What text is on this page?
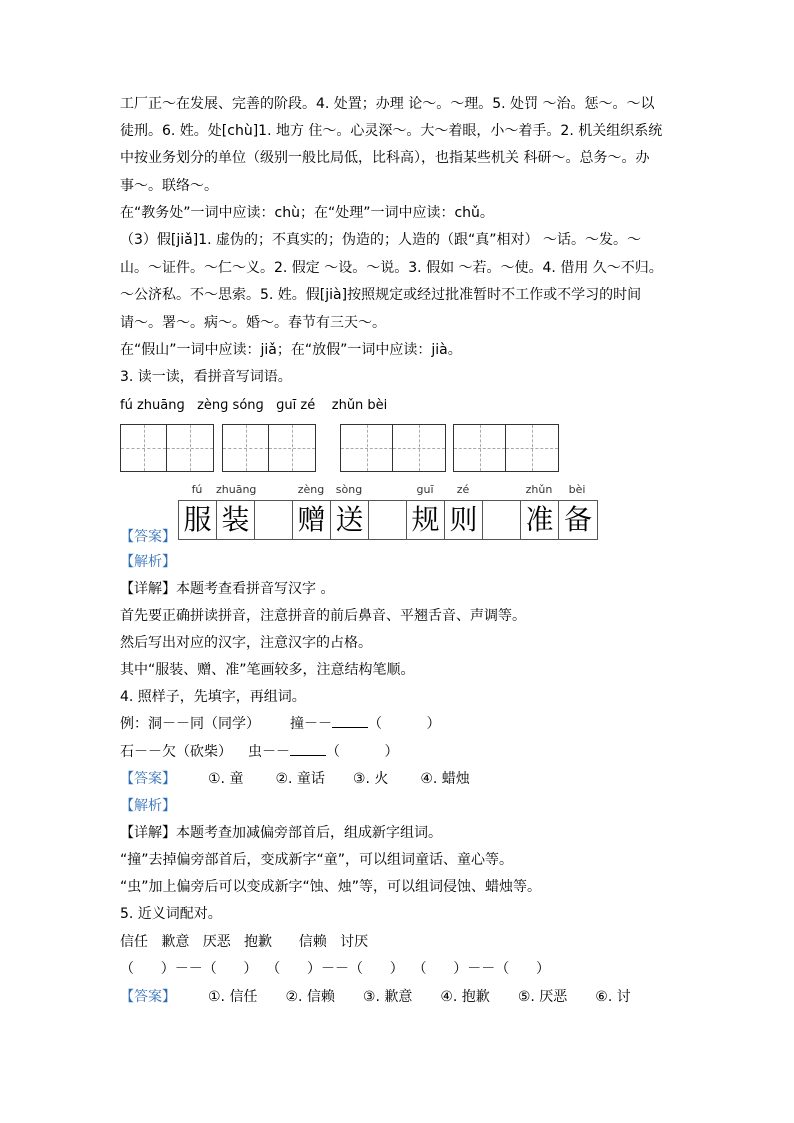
工厂正～在发展、完善的阶段。4. 处置；办理 论～。～理。5. 处罚 ～治。惩～。～以
徒刑。6. 姓。处[chù]1. 地方 住～。心灵深～。大～着眼，小～着手。2. 机关组织系统
中按业务划分的单位（级别一般比局低，比科高），也指某些机关 科研～。总务～。办
事～。联络～。
在“教务处”一词中应读：chù；在“处理”一词中应读：chǔ。
（3）假[jiǎ]1. 虚伪的；不真实的；伪造的；人造的（跟“真”相对） ～话。～发。～
山。～证件。～仁～义。2. 假定 ～设。～说。3. 假如 ～若。～使。4. 借用 久～不归。
～公济私。不～思索。5. 姓。假[jià]按照规定或经过批准暂时不工作或不学习的时间
请～。署～。病～。婚～。春节有三天～。
在“假山”一词中应读：jiǎ；在“放假”一词中应读：jià。
3. 读一读，看拼音写词语。
fú zhuānɡ   zènɡ sónɡ   ɡuī zé    zhǔn bèi
fú	zhuāng	zèng	sòng	guī	zé	zhǔn	bèi
服 装 赠 送 规 则 准 备
【答案】
【解析】
【详解】本题考查看拼音写汉字 。
首先要正确拼读拼音，注意拼音的前后鼻音、平翘舌音、声调等。
然后写出对应的汉字，注意汉字的占格。
其中“服装、赠、准”笔画较多，注意结构笔顺。
4. 照样子，先填字，再组词。
例：洞－－同（同学） 撞－－	（          ）
石－－欠（砍柴） 虫－－	（          ）
【答案】 ①. 童 ②. 童话 ③. 火 ④. 蜡烛
【解析】
【详解】本题考查加减偏旁部首后，组成新字组词。
“撞”去掉偏旁部首后，变成新字“童”，可以组词童话、童心等。
“虫”加上偏旁后可以变成新字“蚀、烛”等，可以组词侵蚀、蜡烛等。
5. 近义词配对。
信任   歉意   厌恶   抱歉      信赖   讨厌
（      ）－－（      ）  （      ）－－（      ）  （      ）－－（      ）
【答案】 ①. 信任 ②. 信赖 ③. 歉意 ④. 抱歉 ⑤. 厌恶 ⑥. 讨
